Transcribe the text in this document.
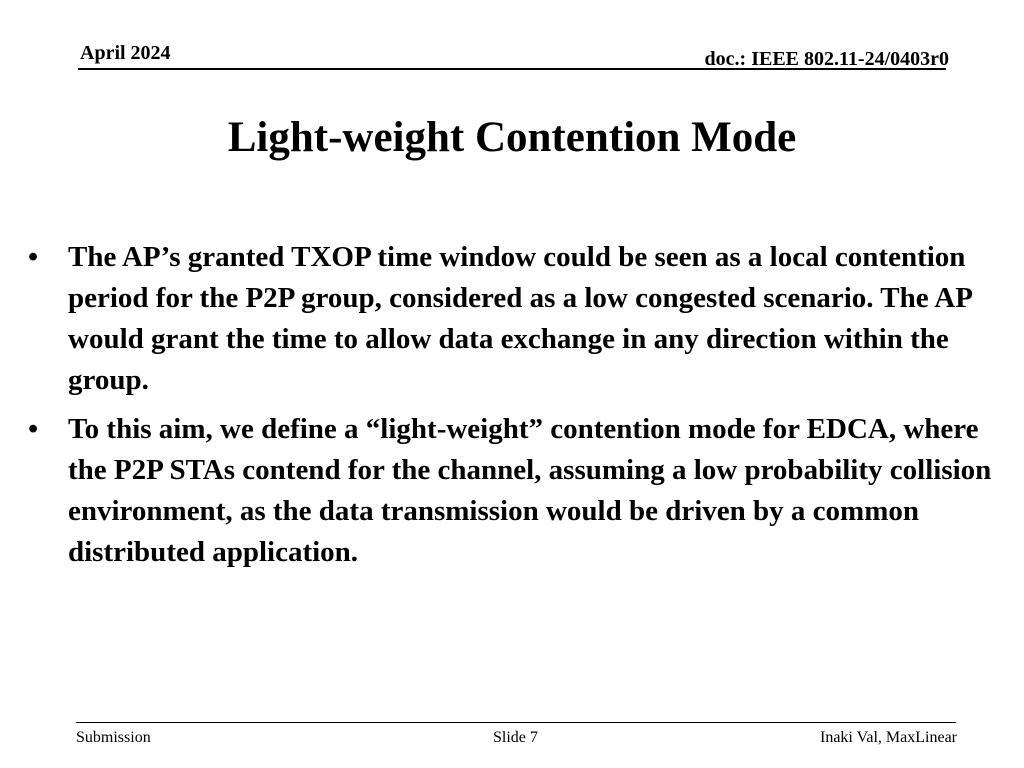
April 2024	doc.: IEEE 802.11-24/0403r0
Light-weight Contention Mode
•	The AP’s granted TXOP time window could be seen as a local contention period for the P2P group, considered as a low congested scenario. The AP would grant the time to allow data exchange in any direction within the group.
•	To this aim, we define a “light-weight” contention mode for EDCA, where the P2P STAs contend for the channel, assuming a low probability collision environment, as the data transmission would be driven by a common distributed application.
Submission	Slide 7	Inaki Val, MaxLinear
